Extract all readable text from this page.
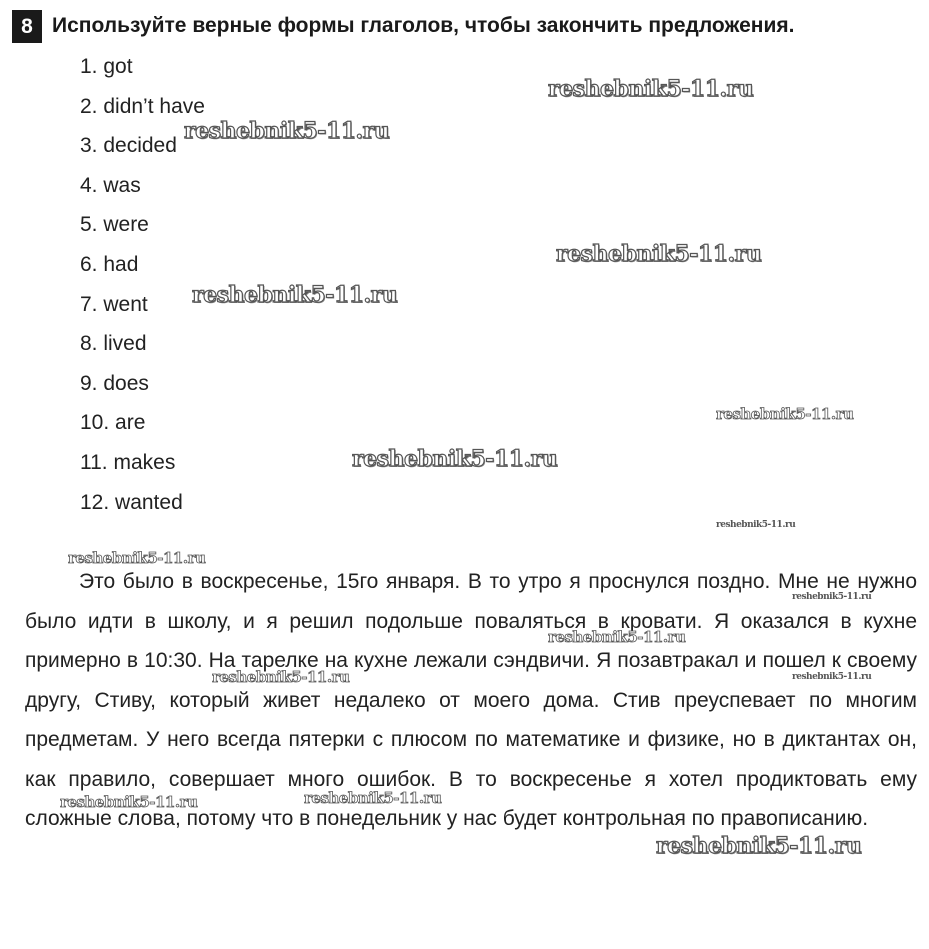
8 Используйте верные формы глаголов, чтобы закончить предложения.
1. got
2. didn’t have
3. decided
4. was
5. were
6. had
7. went
8. lived
9. does
10. are
11. makes
12. wanted

Это было в воскресенье, 15го января. В то утро я проснулся поздно. Мне не нужно было идти в школу, и я решил подольше поваляться в кровати. Я оказался в кухне примерно в 10:30. На тарелке на кухне лежали сэндвичи. Я позавтракал и пошел к своему другу, Стиву, который живет недалеко от моего дома. Стив преуспевает по многим предметам. У него всегда пятерки с плюсом по математике и физике, но в диктантах он, как правило, совершает много ошибок. В то воскресенье я хотел продиктовать ему сложные слова, потому что в понедельник у нас будет контрольная по правописанию.

reshebnik5-11.ru
reshebnik5-11.ru
reshebnik5-11.ru
reshebnik5-11.ru
reshebnik5-11.ru
reshebnik5-11.ru
reshebnik5-11.ru
reshebnik5-11.ru
reshebnik5-11.ru
reshebnik5-11.ru
reshebnik5-11.ru	reshebnik5-11.ru
reshebnik5-11.ru
reshebnik5-11.ru
reshebnik5-11.ru
